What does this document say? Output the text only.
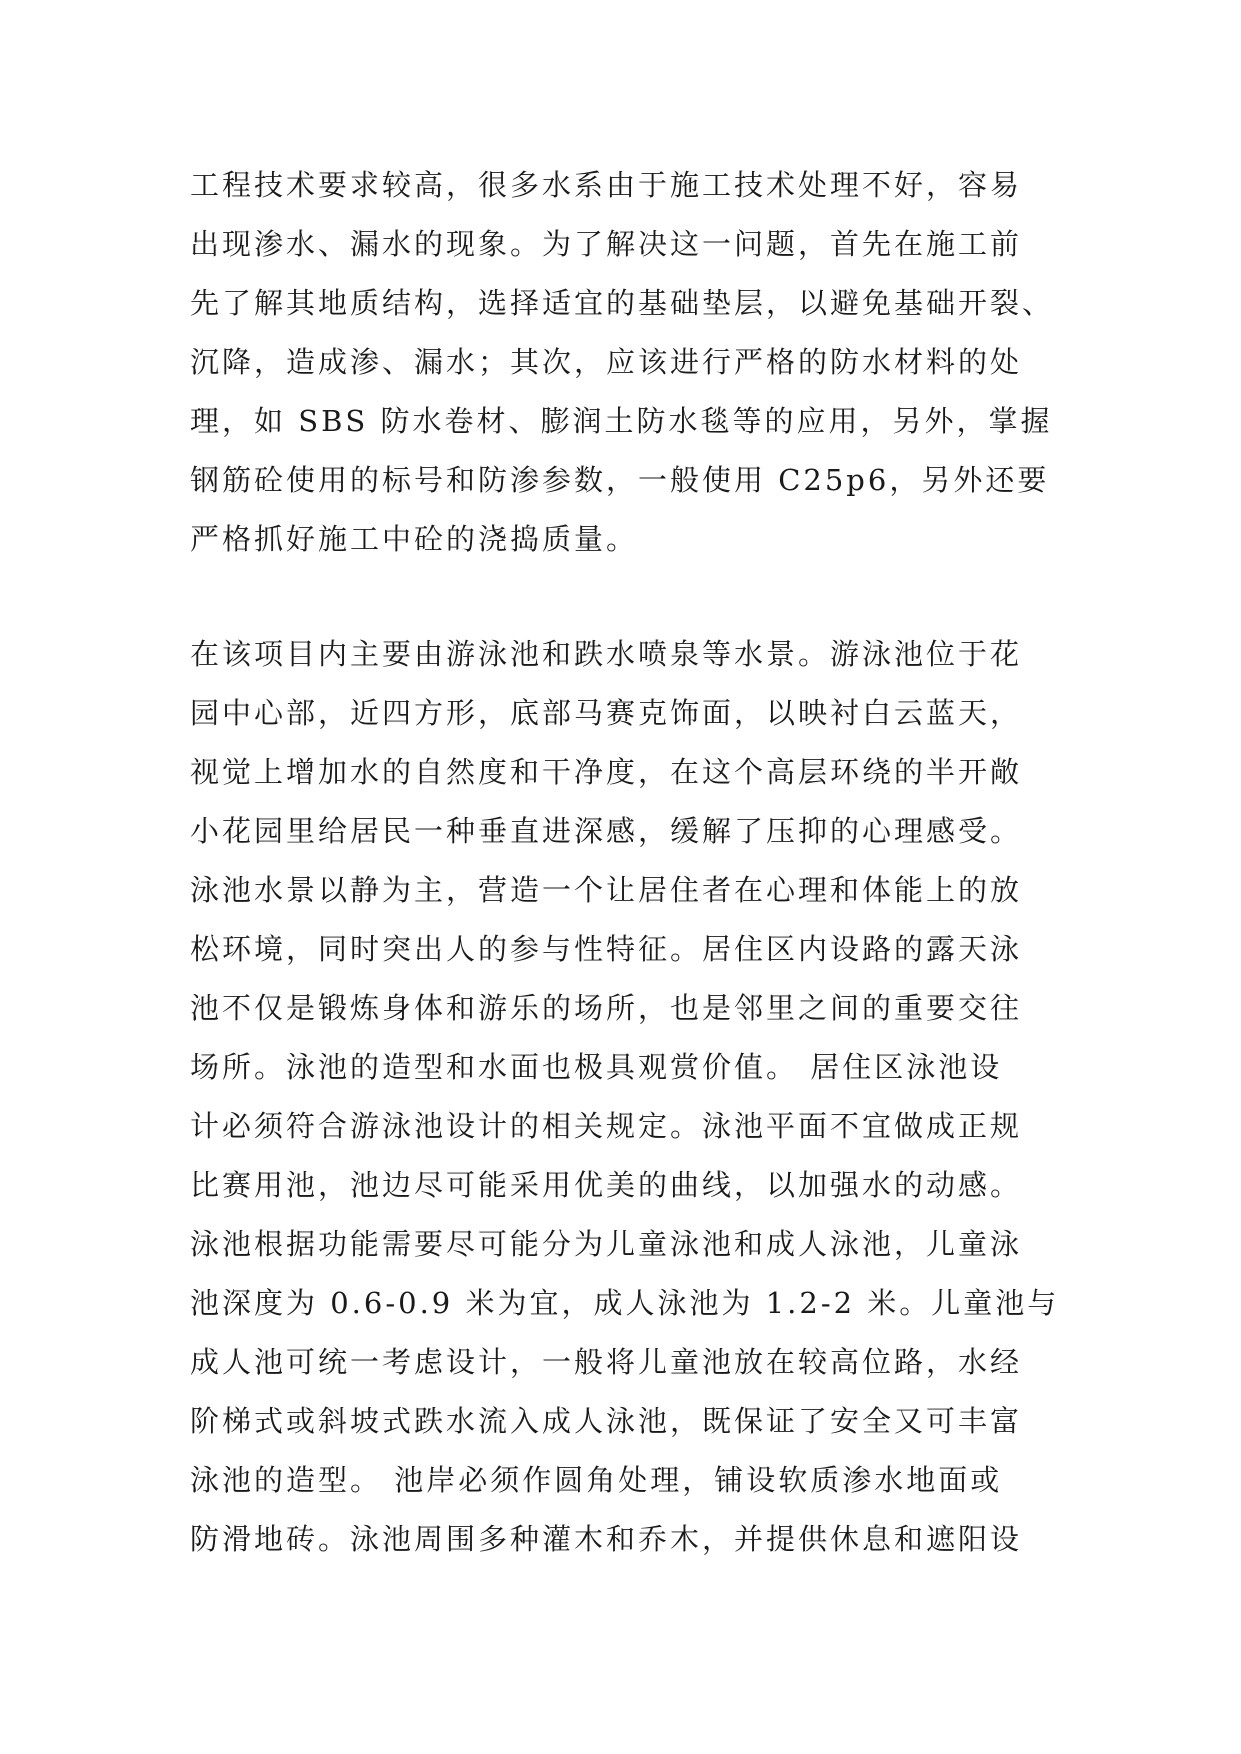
工程技术要求较高，很多水系由于施工技术处理不好，容易
出现渗水、漏水的现象。为了解决这一问题，首先在施工前
先了解其地质结构，选择适宜的基础垫层，以避免基础开裂、
沉降，造成渗、漏水；其次，应该进行严格的防水材料的处
理，如 SBS 防水卷材、膨润土防水毯等的应用，另外，掌握
钢筋砼使用的标号和防渗参数，一般使用 C25p6，另外还要
严格抓好施工中砼的浇捣质量。
在该项目内主要由游泳池和跌水喷泉等水景。游泳池位于花
园中心部，近四方形，底部马赛克饰面，以映衬白云蓝天，
视觉上增加水的自然度和干净度，在这个高层环绕的半开敞
小花园里给居民一种垂直进深感，缓解了压抑的心理感受。
泳池水景以静为主，营造一个让居住者在心理和体能上的放
松环境，同时突出人的参与性特征。居住区内设路的露天泳
池不仅是锻炼身体和游乐的场所，也是邻里之间的重要交往
场所。泳池的造型和水面也极具观赏价值。 居住区泳池设
计必须符合游泳池设计的相关规定。泳池平面不宜做成正规
比赛用池，池边尽可能采用优美的曲线，以加强水的动感。
泳池根据功能需要尽可能分为儿童泳池和成人泳池，儿童泳
池深度为 0.6-0.9 米为宜，成人泳池为 1.2-2 米。儿童池与
成人池可统一考虑设计，一般将儿童池放在较高位路，水经
阶梯式或斜坡式跌水流入成人泳池，既保证了安全又可丰富
泳池的造型。 池岸必须作圆角处理，铺设软质渗水地面或
防滑地砖。泳池周围多种灌木和乔木，并提供休息和遮阳设
